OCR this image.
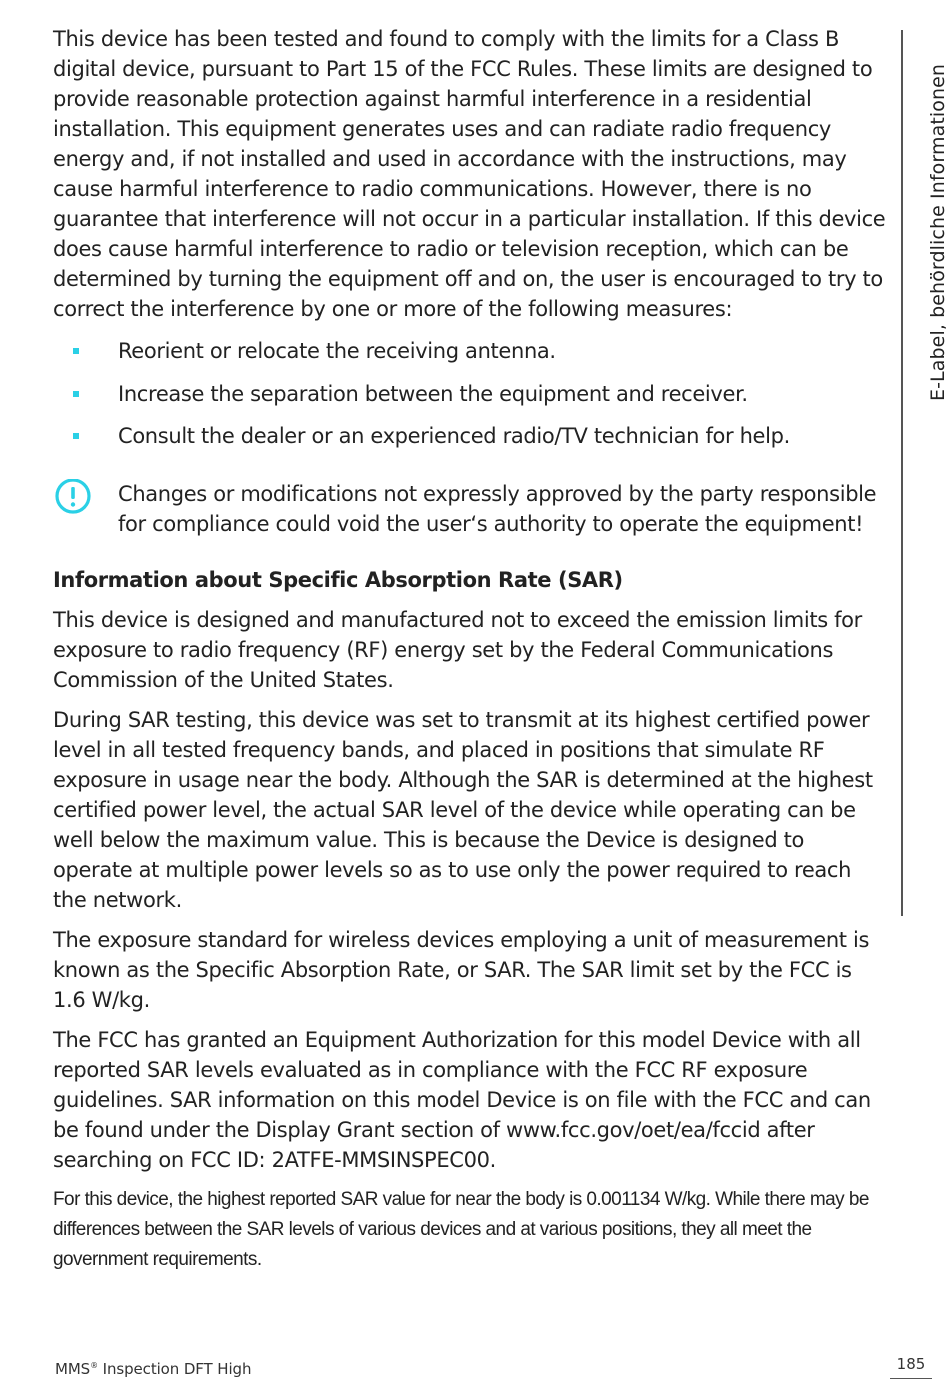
This device has been tested and found to comply with the limits for a Class B digital device, pursuant to Part 15 of the FCC Rules. These limits are designed to provide reasonable protection against harmful interference in a residential installation. This equipment generates uses and can radiate radio frequency energy and, if not installed and used in accordance with the instructions, may cause harmful interference to radio communications. However, there is no guarantee that interference will not occur in a particular installation. If this device does cause harmful interference to radio or television reception, which can be determined by turning the equipment off and on, the user is encouraged to try to correct the interference by one or more of the following measures:

Reorient or relocate the receiving antenna.
Increase the separation between the equipment and receiver.
Consult the dealer or an experienced radio/TV technician for help.

Changes or modifications not expressly approved by the party responsible for compliance could void the user‘s authority to operate the equipment!

Information about Specific Absorption Rate (SAR)

This device is designed and manufactured not to exceed the emission limits for exposure to radio frequency (RF) energy set by the Federal Communications Commission of the United States.

During SAR testing, this device was set to transmit at its highest certified power level in all tested frequency bands, and placed in positions that simulate RF exposure in usage near the body. Although the SAR is determined at the highest certified power level, the actual SAR level of the device while operating can be well below the maximum value. This is because the Device is designed to operate at multiple power levels so as to use only the power required to reach the network.

The exposure standard for wireless devices employing a unit of measurement is known as the Specific Absorption Rate, or SAR. The SAR limit set by the FCC is 1.6 W/kg.

The FCC has granted an Equipment Authorization for this model Device with all reported SAR levels evaluated as in compliance with the FCC RF exposure guidelines. SAR information on this model Device is on file with the FCC and can be found under the Display Grant section of www.fcc.gov/oet/ea/fccid after searching on FCC ID: 2ATFE-MMSINSPEC00.

For this device, the highest reported SAR value for near the body is 0.001134 W/kg. While there may be differences between the SAR levels of various devices and at various positions, they all meet the government requirements.

E-Label, behördliche Informationen
MMS® Inspection DFT High	185
